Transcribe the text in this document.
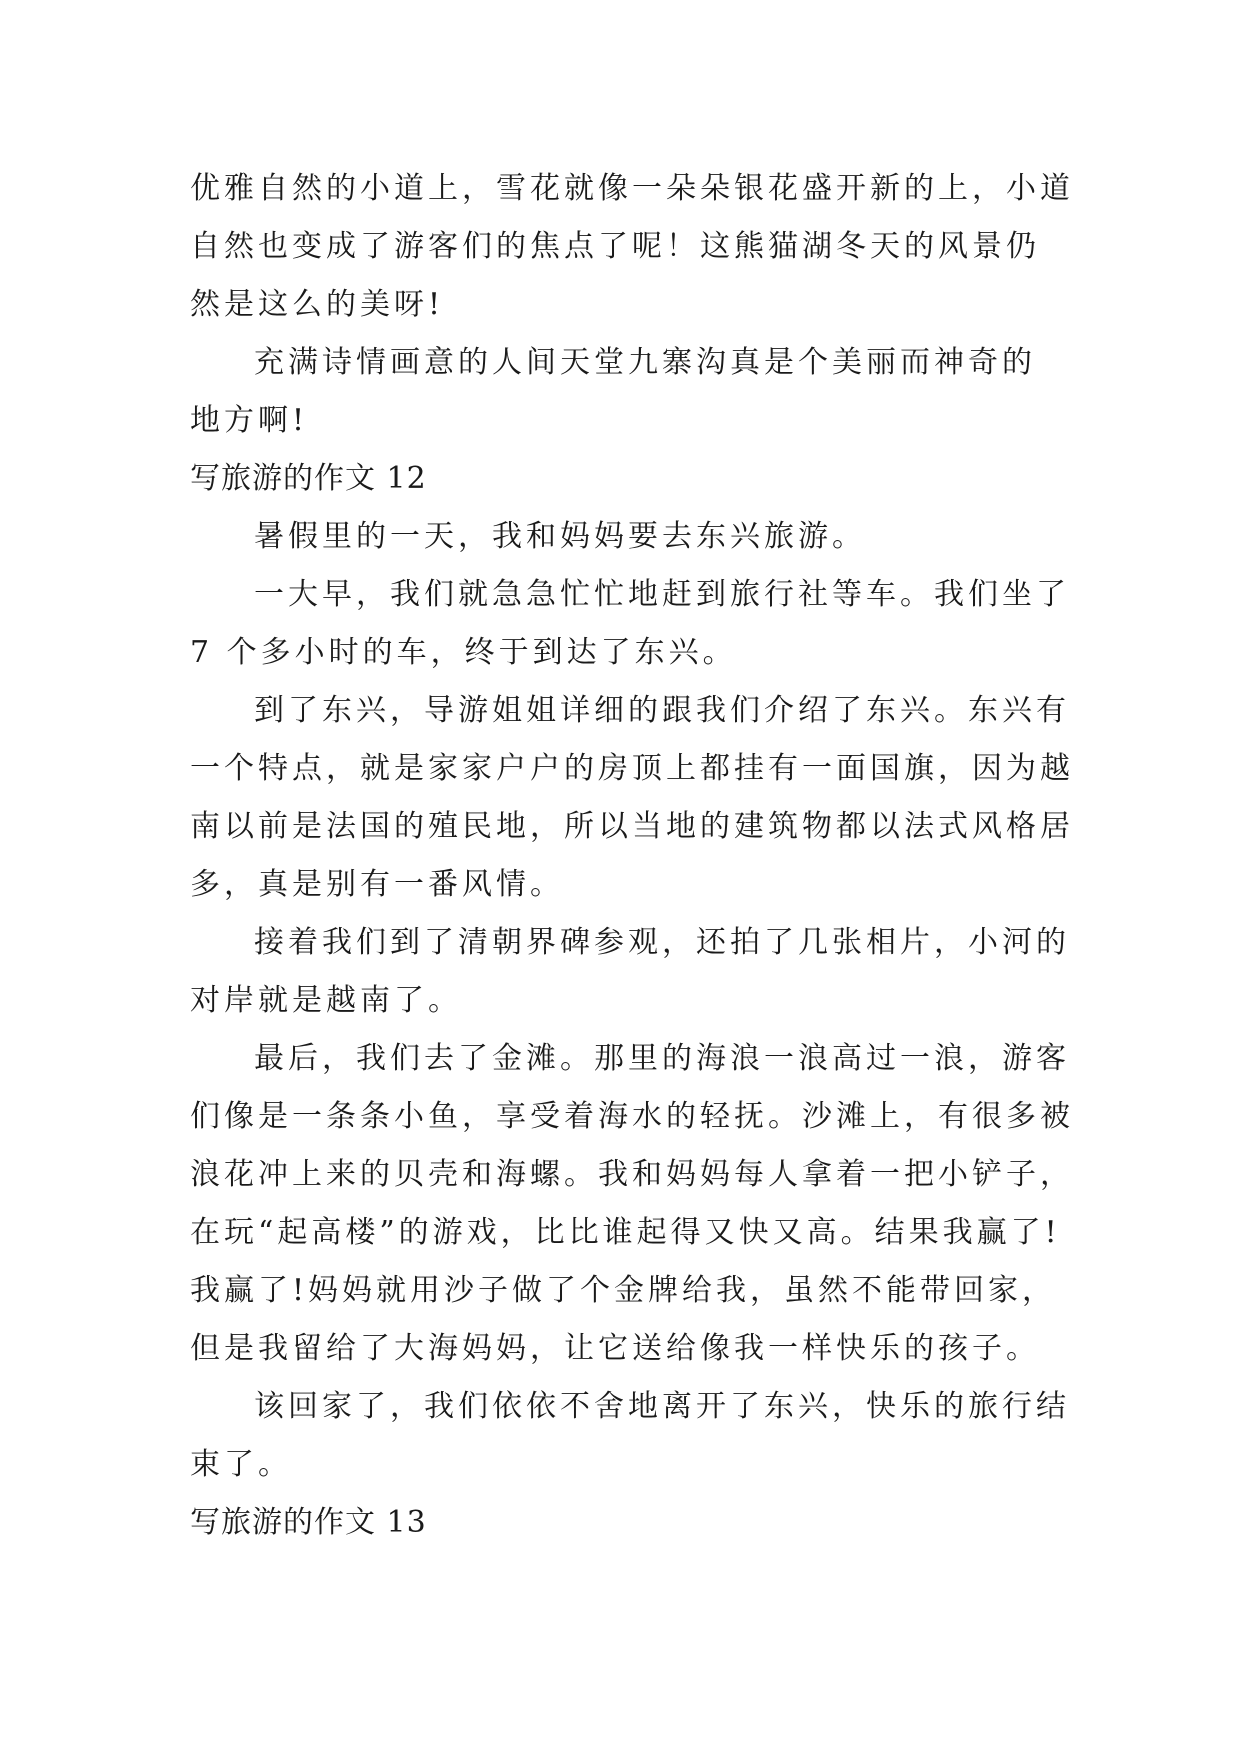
优雅自然的小道上，雪花就像一朵朵银花盛开新的上，小道
自然也变成了游客们的焦点了呢！这熊猫湖冬天的风景仍
然是这么的美呀!
充满诗情画意的人间天堂九寨沟真是个美丽而神奇的
地方啊!
写旅游的作文 12
暑假里的一天，我和妈妈要去东兴旅游。
一大早，我们就急急忙忙地赶到旅行社等车。我们坐了
7 个多小时的车，终于到达了东兴。
到了东兴，导游姐姐详细的跟我们介绍了东兴。东兴有
一个特点，就是家家户户的房顶上都挂有一面国旗，因为越
南以前是法国的殖民地，所以当地的建筑物都以法式风格居
多，真是别有一番风情。
接着我们到了清朝界碑参观，还拍了几张相片，小河的
对岸就是越南了。
最后，我们去了金滩。那里的海浪一浪高过一浪，游客
们像是一条条小鱼，享受着海水的轻抚。沙滩上，有很多被
浪花冲上来的贝壳和海螺。我和妈妈每人拿着一把小铲子，
在玩“起高楼”的游戏，比比谁起得又快又高。结果我赢了!
我赢了!妈妈就用沙子做了个金牌给我，虽然不能带回家，
但是我留给了大海妈妈，让它送给像我一样快乐的孩子。
该回家了，我们依依不舍地离开了东兴，快乐的旅行结
束了。
写旅游的作文 13
